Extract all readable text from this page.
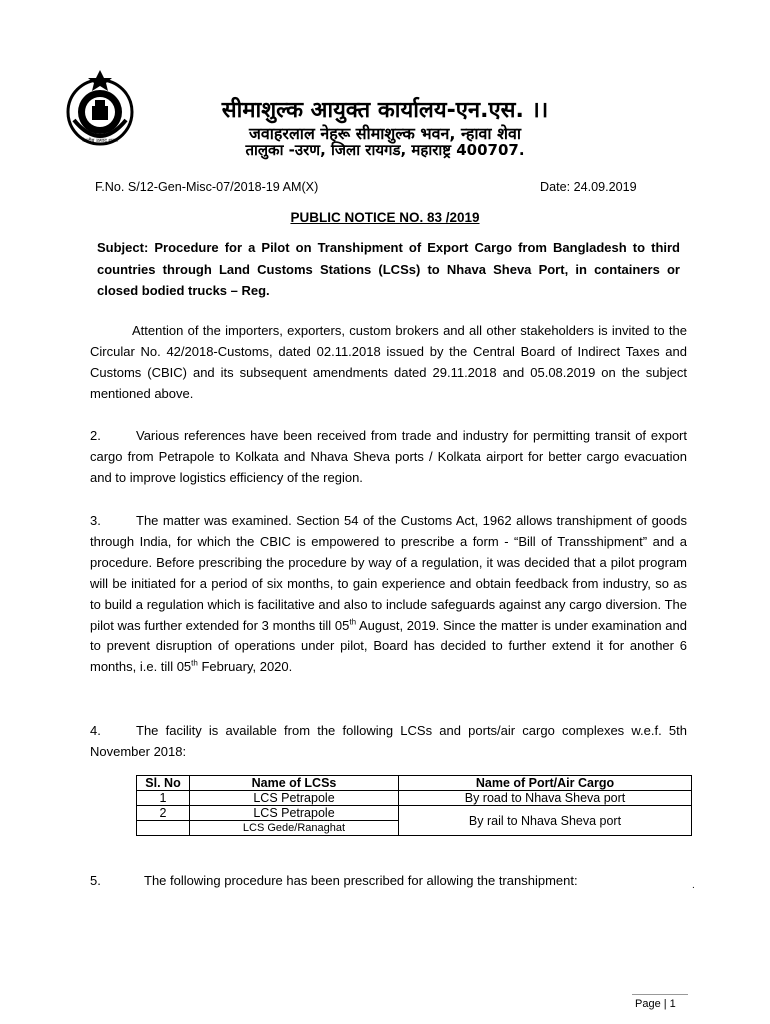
केन्द्रीय उत्पाद शुल्क
सीमाशुल्क आयुक्त कार्यालय-एन.एस. ।।
जवाहरलाल नेहरू सीमाशुल्क भवन, न्हावा शेवा
तालुका -उरण, जिला रायगड, महाराष्ट्र 400707.
F.No. S/12-Gen-Misc-07/2018-19 AM(X)	Date: 24.09.2019
PUBLIC NOTICE NO. 83 /2019
Subject: Procedure for a Pilot on Transhipment of Export Cargo from Bangladesh to third countries through Land Customs Stations (LCSs) to Nhava Sheva Port, in containers or closed bodied trucks – Reg.
Attention of the importers, exporters, custom brokers and all other stakeholders is invited to the Circular No. 42/2018-Customs, dated 02.11.2018 issued by the Central Board of Indirect Taxes and Customs (CBIC) and its subsequent amendments dated 29.11.2018 and 05.08.2019 on the subject mentioned above.
2.	Various references have been received from trade and industry for permitting transit of export cargo from Petrapole to Kolkata and Nhava Sheva ports / Kolkata airport for better cargo evacuation and to improve logistics efficiency of the region.
3.	The matter was examined. Section 54 of the Customs Act, 1962 allows transhipment of goods through India, for which the CBIC is empowered to prescribe a form - “Bill of Transshipment” and a procedure. Before prescribing the procedure by way of a regulation, it was decided that a pilot program will be initiated for a period of six months, to gain experience and obtain feedback from industry, so as to build a regulation which is facilitative and also to include safeguards against any cargo diversion. The pilot was further extended for 3 months till 05th August, 2019. Since the matter is under examination and to prevent disruption of operations under pilot, Board has decided to further extend it for another 6 months, i.e. till 05th February, 2020.
4.	The facility is available from the following LCSs and ports/air cargo complexes w.e.f. 5th November 2018:
Sl. No	Name of LCSs	Name of Port/Air Cargo
1	LCS Petrapole	By road to Nhava Sheva port
2	LCS Petrapole	By rail to Nhava Sheva port
	LCS Gede/Ranaghat	
5.	The following procedure has been prescribed for allowing the transhipment:	.
Page | 1
